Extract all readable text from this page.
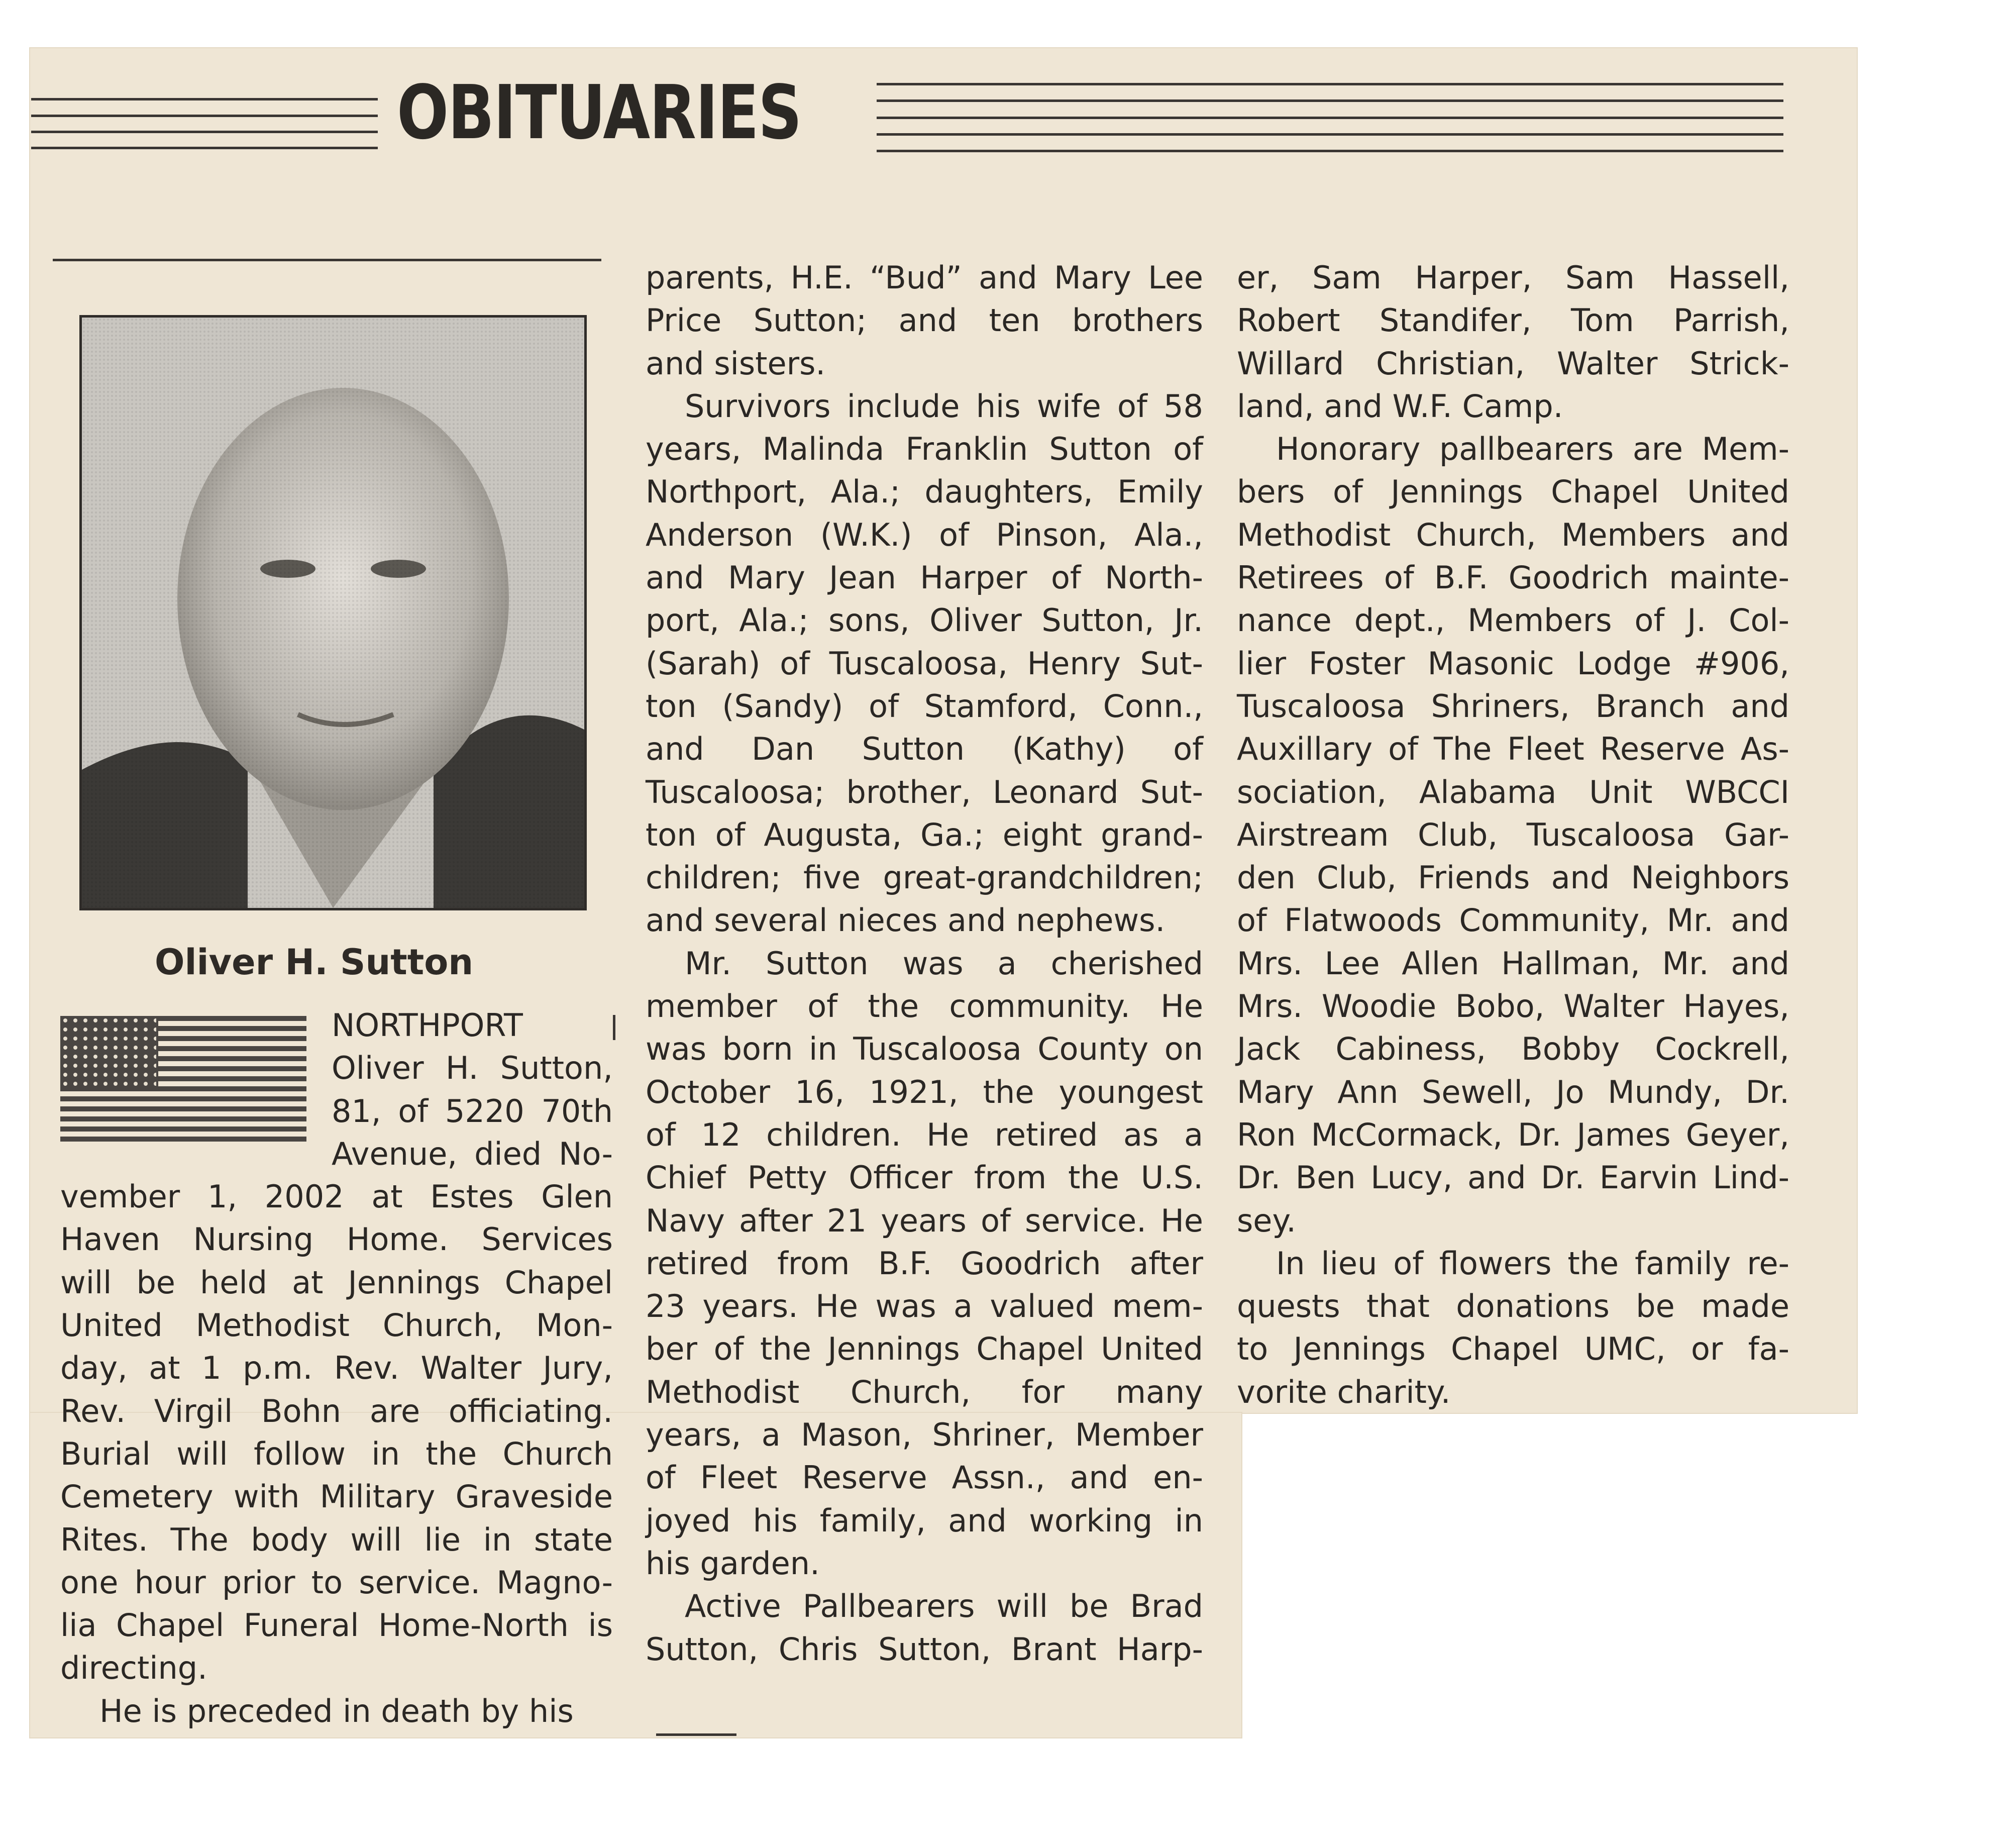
OBITUARIES
Oliver H. Sutton

NORTHPORT

Oliver H. Sutton,

81, of 5220 70th

Avenue, died No-

vember 1, 2002 at Estes Glen

Haven Nursing Home. Services

will be held at Jennings Chapel

United Methodist Church, Mon-

day, at 1 p.m. Rev. Walter Jury,

Rev. Virgil Bohn are officiating.

Burial will follow in the Church

Cemetery with Military Graveside

Rites. The body will lie in state

one hour prior to service. Magno-

lia Chapel Funeral Home-North is

directing.

He is preceded in death by his

parents, H.E. “Bud” and Mary Lee

Price Sutton; and ten brothers

and sisters.

Survivors include his wife of 58

years, Malinda Franklin Sutton of

Northport, Ala.; daughters, Emily

Anderson (W.K.) of Pinson, Ala.,

and Mary Jean Harper of North-

port, Ala.; sons, Oliver Sutton, Jr.

(Sarah) of Tuscaloosa, Henry Sut-

ton (Sandy) of Stamford, Conn.,

and Dan Sutton (Kathy) of

Tuscaloosa; brother, Leonard Sut-

ton of Augusta, Ga.; eight grand-

children; five great-grandchildren;

and several nieces and nephews.

Mr. Sutton was a cherished

member of the community. He

was born in Tuscaloosa County on

October 16, 1921, the youngest

of 12 children. He retired as a

Chief Petty Officer from the U.S.

Navy after 21 years of service. He

retired from B.F. Goodrich after

23 years. He was a valued mem-

ber of the Jennings Chapel United

Methodist Church, for many

years, a Mason, Shriner, Member

of Fleet Reserve Assn., and en-

joyed his family, and working in

his garden.

Active Pallbearers will be Brad

Sutton, Chris Sutton, Brant Harp-

er, Sam Harper, Sam Hassell,

Robert Standifer, Tom Parrish,

Willard Christian, Walter Strick-

land, and W.F. Camp.

Honorary pallbearers are Mem-

bers of Jennings Chapel United

Methodist Church, Members and

Retirees of B.F. Goodrich mainte-

nance dept., Members of J. Col-

lier Foster Masonic Lodge #906,

Tuscaloosa Shriners, Branch and

Auxillary of The Fleet Reserve As-

sociation, Alabama Unit WBCCI

Airstream Club, Tuscaloosa Gar-

den Club, Friends and Neighbors

of Flatwoods Community, Mr. and

Mrs. Lee Allen Hallman, Mr. and

Mrs. Woodie Bobo, Walter Hayes,

Jack Cabiness, Bobby Cockrell,

Mary Ann Sewell, Jo Mundy, Dr.

Ron McCormack, Dr. James Geyer,

Dr. Ben Lucy, and Dr. Earvin Lind-

sey.

In lieu of flowers the family re-

quests that donations be made

to Jennings Chapel UMC, or fa-

vorite charity.
